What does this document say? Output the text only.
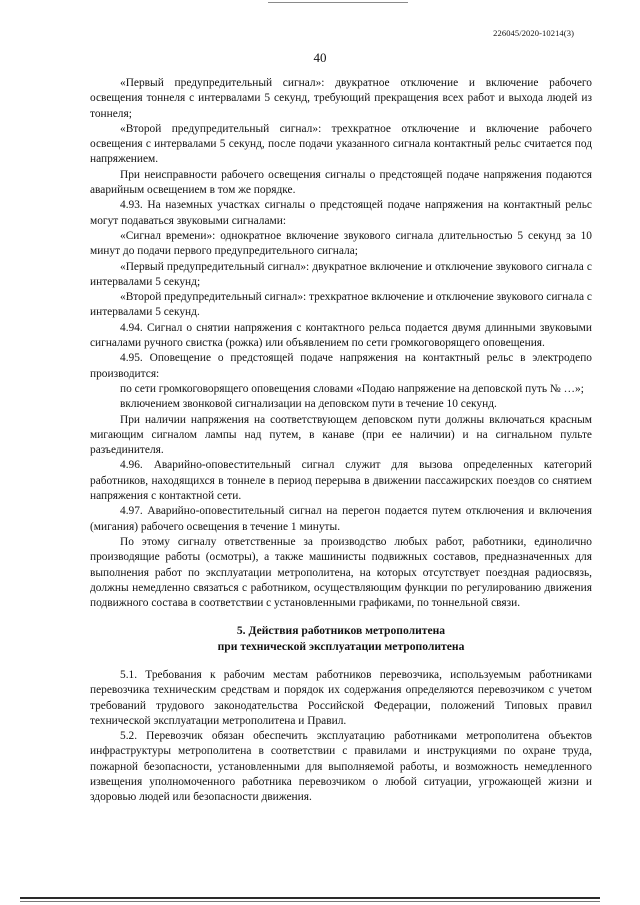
226045/2020-10214(3)
40

«Первый предупредительный сигнал»: двукратное отключение и включение рабочего освещения тоннеля с интервалами 5 секунд, требующий прекращения всех работ и выхода людей из тоннеля;

«Второй предупредительный сигнал»: трехкратное отключение и включение рабочего освещения с интервалами 5 секунд, после подачи указанного сигнала контактный рельс считается под напряжением.

При неисправности рабочего освещения сигналы о предстоящей подаче напряжения подаются аварийным освещением в том же порядке.

4.93. На наземных участках сигналы о предстоящей подаче напряжения на контактный рельс могут подаваться звуковыми сигналами:

«Сигнал времени»: однократное включение звукового сигнала длительностью 5 секунд за 10 минут до подачи первого предупредительного сигнала;

«Первый предупредительный сигнал»: двукратное включение и отключение звукового сигнала с интервалами 5 секунд;

«Второй предупредительный сигнал»: трехкратное включение и отключение звукового сигнала с интервалами 5 секунд.

4.94. Сигнал о снятии напряжения с контактного рельса подается двумя длинными звуковыми сигналами ручного свистка (рожка) или объявлением по сети громкоговорящего оповещения.

4.95. Оповещение о предстоящей подаче напряжения на контактный рельс в электродепо производится:

по сети громкоговорящего оповещения словами «Подаю напряжение на деповской путь № …»;

включением звонковой сигнализации на деповском пути в течение 10 секунд.

При наличии напряжения на соответствующем деповском пути должны включаться красным мигающим сигналом лампы над путем, в канаве (при ее наличии) и на сигнальном пульте разъединителя.

4.96. Аварийно-оповестительный сигнал служит для вызова определенных категорий работников, находящихся в тоннеле в период перерыва в движении пассажирских поездов со снятием напряжения с контактной сети.

4.97. Аварийно-оповестительный сигнал на перегон подается путем отключения и включения (мигания) рабочего освещения в течение 1 минуты.

По этому сигналу ответственные за производство любых работ, работники, единолично производящие работы (осмотры), а также машинисты подвижных составов, предназначенных для выполнения работ по эксплуатации метрополитена, на которых отсутствует поездная радиосвязь, должны немедленно связаться с работником, осуществляющим функции по регулированию движения подвижного состава в соответствии с установленными графиками, по тоннельной связи.

5. Действия работников метрополитена
при технической эксплуатации метрополитена

5.1. Требования к рабочим местам работников перевозчика, используемым работниками перевозчика техническим средствам и порядок их содержания определяются перевозчиком с учетом требований трудового законодательства Российской Федерации, положений Типовых правил технической эксплуатации метрополитена и Правил.

5.2. Перевозчик обязан обеспечить эксплуатацию работниками метрополитена объектов инфраструктуры метрополитена в соответствии с правилами и инструкциями по охране труда, пожарной безопасности, установленными для выполняемой работы, и возможность немедленного извещения уполномоченного работника перевозчиком о любой ситуации, угрожающей жизни и здоровью людей или безопасности движения.
